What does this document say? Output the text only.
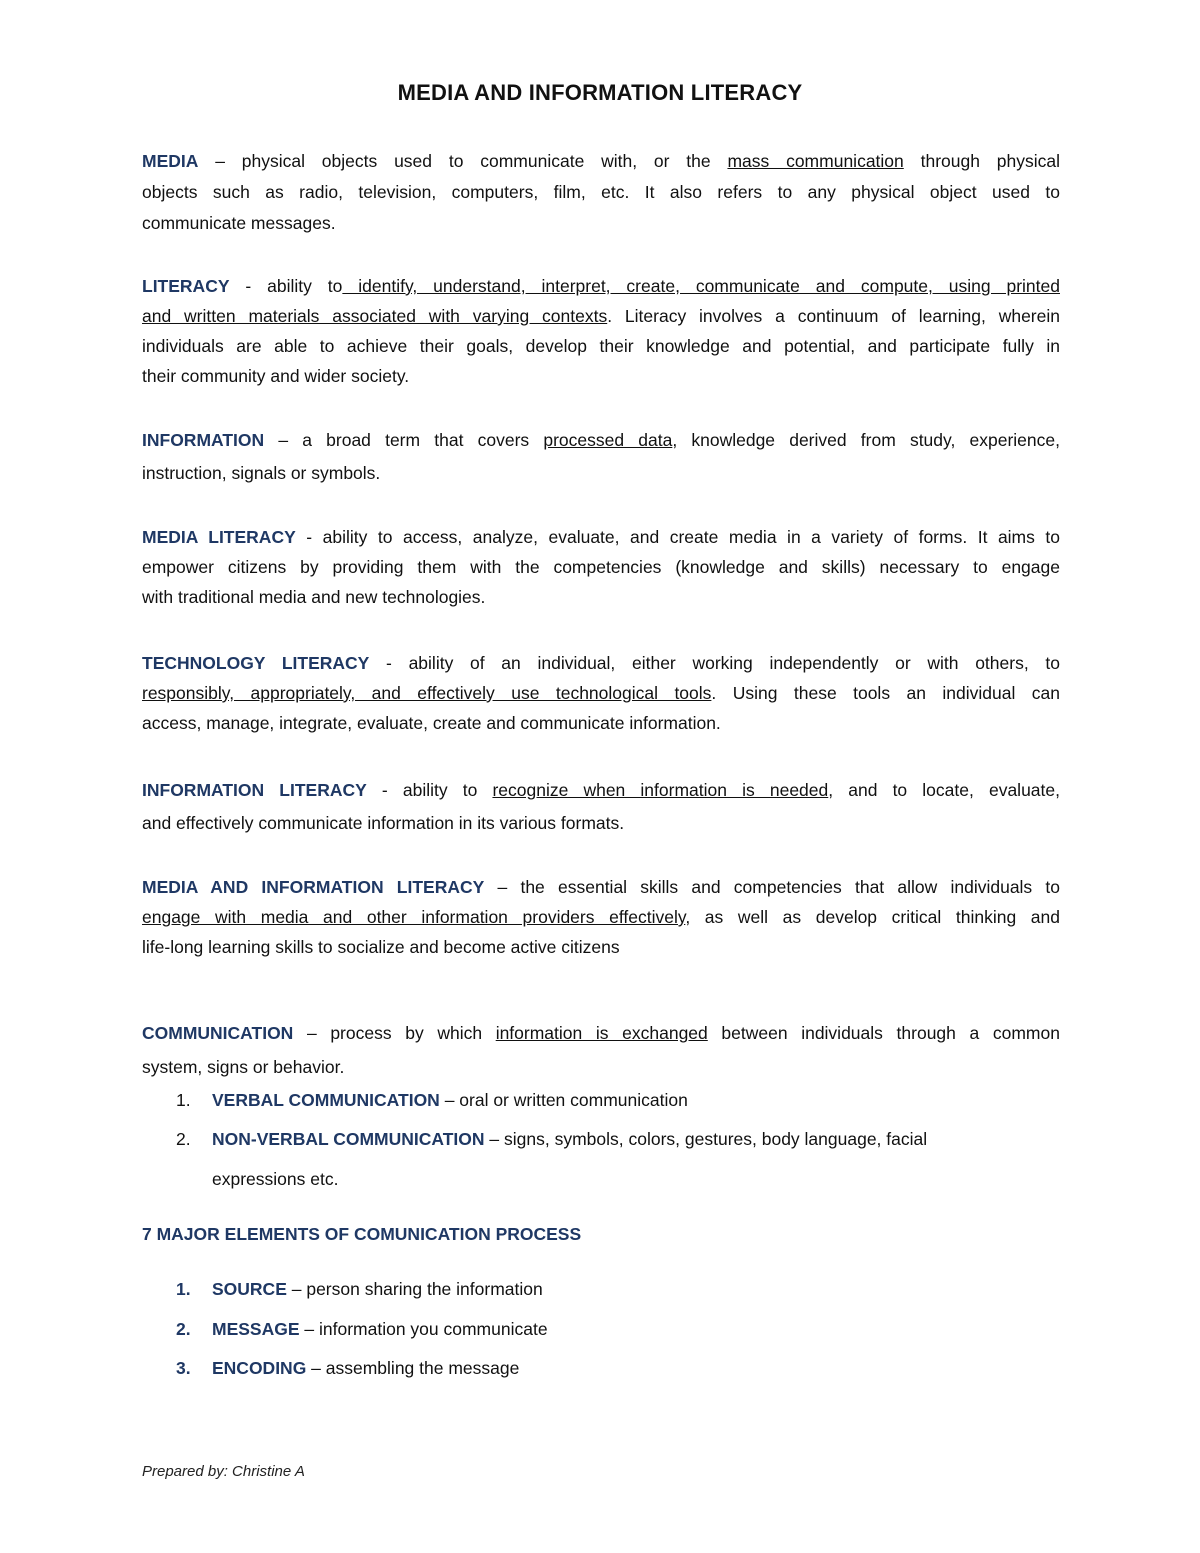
MEDIA AND INFORMATION LITERACY
MEDIA – physical objects used to communicate with, or the mass communication through physical
objects such as radio, television, computers, film, etc. It also refers to any physical object used to
communicate messages.
LITERACY - ability to identify, understand, interpret, create, communicate and compute, using printed
and written materials associated with varying contexts. Literacy involves a continuum of learning, wherein
individuals are able to achieve their goals, develop their knowledge and potential, and participate fully in
their community and wider society.
INFORMATION – a broad term that covers processed data, knowledge derived from study, experience,
instruction, signals or symbols.
MEDIA LITERACY - ability to access, analyze, evaluate, and create media in a variety of forms. It aims to
empower citizens by providing them with the competencies (knowledge and skills) necessary to engage
with traditional media and new technologies.
TECHNOLOGY LITERACY - ability of an individual, either working independently or with others, to
responsibly, appropriately, and effectively use technological tools. Using these tools an individual can
access, manage, integrate, evaluate, create and communicate information.
INFORMATION LITERACY - ability to recognize when information is needed, and to locate, evaluate,
and effectively communicate information in its various formats.
MEDIA AND INFORMATION LITERACY – the essential skills and competencies that allow individuals to
engage with media and other information providers effectively, as well as develop critical thinking and
life-long learning skills to socialize and become active citizens
COMMUNICATION – process by which information is exchanged between individuals through a common
system, signs or behavior.
1. VERBAL COMMUNICATION – oral or written communication
2. NON-VERBAL COMMUNICATION – signs, symbols, colors, gestures, body language, facial
expressions etc.
7 MAJOR ELEMENTS OF COMUNICATION PROCESS
1. SOURCE – person sharing the information
2. MESSAGE – information you communicate
3. ENCODING – assembling the message
Prepared by: Christine A
